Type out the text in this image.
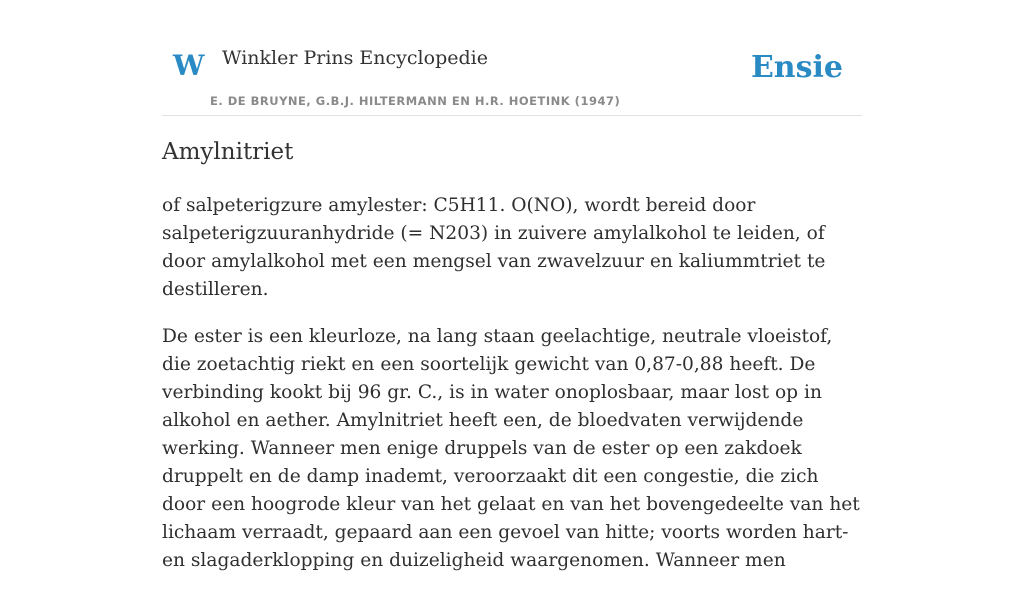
W Winkler Prins Encyclopedie
E. DE BRUYNE, G.B.J. HILTERMANN EN H.R. HOETINK (1947)
Ensie
Amylnitriet

of salpeterigzure amylester: C5H11. O(NO), wordt bereid door salpeterigzuuranhydride (= N203) in zuivere amylalkohol te leiden, of door amylalkohol met een mengsel van zwavelzuur en kaliummtriet te destilleren.

De ester is een kleurloze, na lang staan geelachtige, neutrale vloeistof, die zoetachtig riekt en een soortelijk gewicht van 0,87-0,88 heeft. De verbinding kookt bij 96 gr. C., is in water onoplosbaar, maar lost op in alkohol en aether. Amylnitriet heeft een, de bloedvaten verwijdende werking. Wanneer men enige druppels van de ester op een zakdoek druppelt en de damp inademt, veroorzaakt dit een congestie, die zich door een hoogrode kleur van het gelaat en van het bovengedeelte van het lichaam verraadt, gepaard aan een gevoel van hitte; voorts worden hart- en slagaderklopping en duizeligheid waargenomen. Wanneer men
